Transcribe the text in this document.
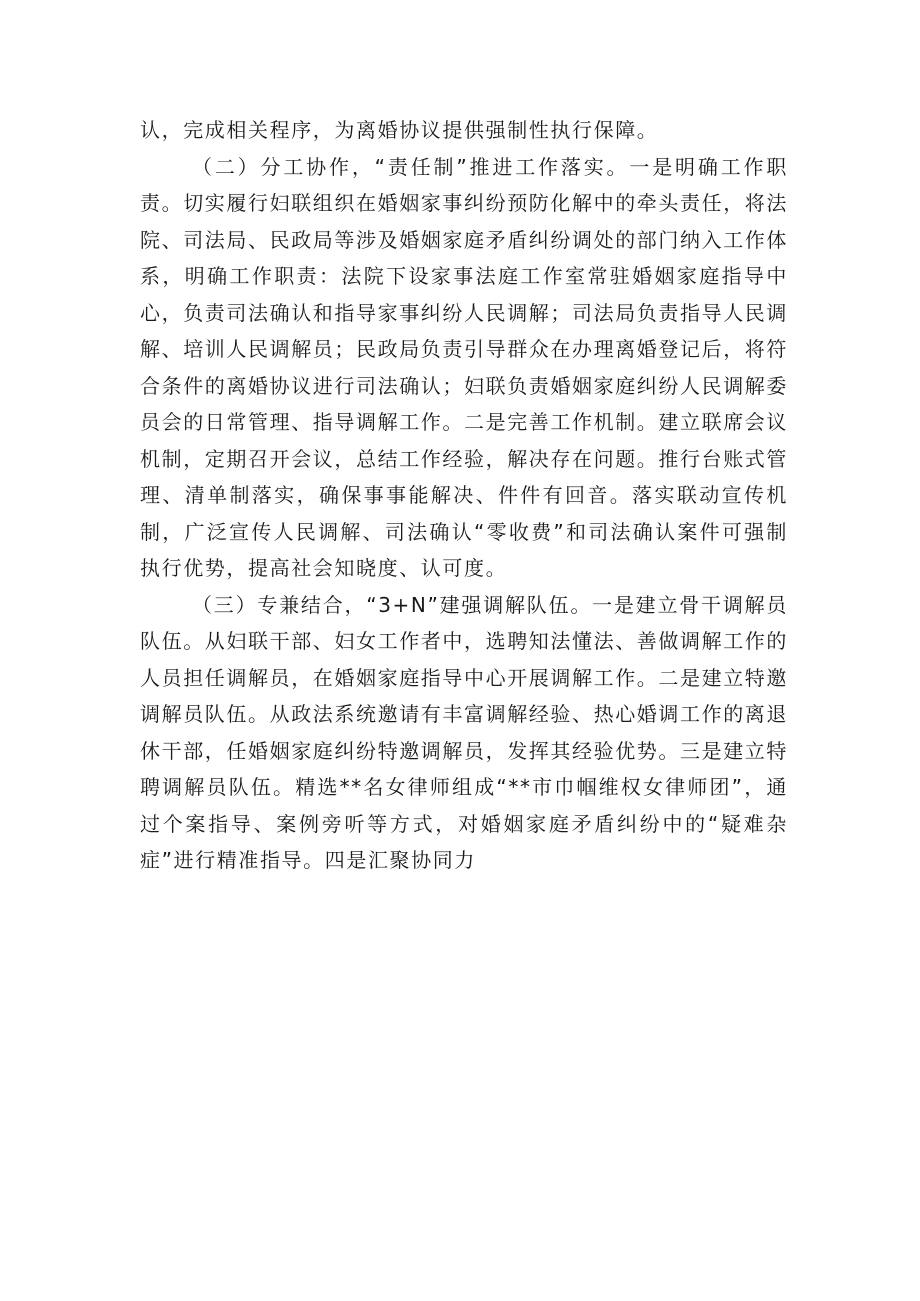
认，完成相关程序，为离婚协议提供强制性执行保障。

（二）分工协作，“责任制”推进工作落实。一是明确工作职责。切实履行妇联组织在婚姻家事纠纷预防化解中的牵头责任，将法院、司法局、民政局等涉及婚姻家庭矛盾纠纷调处的部门纳入工作体系，明确工作职责：法院下设家事法庭工作室常驻婚姻家庭指导中心，负责司法确认和指导家事纠纷人民调解；司法局负责指导人民调解、培训人民调解员；民政局负责引导群众在办理离婚登记后，将符合条件的离婚协议进行司法确认；妇联负责婚姻家庭纠纷人民调解委员会的日常管理、指导调解工作。二是完善工作机制。建立联席会议机制，定期召开会议，总结工作经验，解决存在问题。推行台账式管理、清单制落实，确保事事能解决、件件有回音。落实联动宣传机制，广泛宣传人民调解、司法确认“零收费”和司法确认案件可强制执行优势，提高社会知晓度、认可度。

（三）专兼结合，“3+N”建强调解队伍。一是建立骨干调解员队伍。从妇联干部、妇女工作者中，选聘知法懂法、善做调解工作的人员担任调解员，在婚姻家庭指导中心开展调解工作。二是建立特邀调解员队伍。从政法系统邀请有丰富调解经验、热心婚调工作的离退休干部，任婚姻家庭纠纷特邀调解员，发挥其经验优势。三是建立特聘调解员队伍。精选**名女律师组成“**市巾帼维权女律师团”，通过个案指导、案例旁听等方式，对婚姻家庭矛盾纠纷中的“疑难杂症”进行精准指导。四是汇聚协同力
